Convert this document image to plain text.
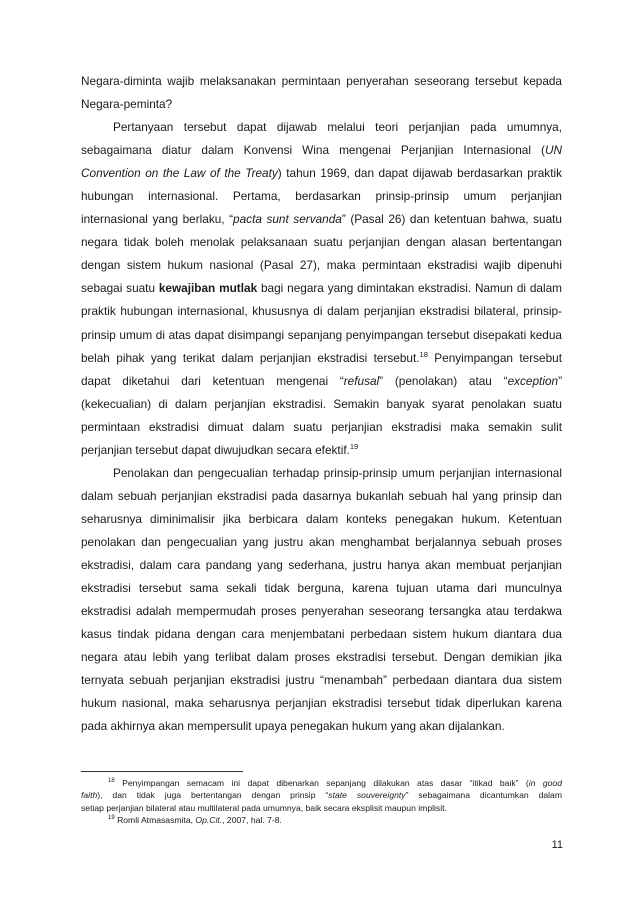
Negara-diminta wajib melaksanakan permintaan penyerahan seseorang tersebut kepada
Negara-peminta?
Pertanyaan tersebut dapat dijawab melalui teori perjanjian pada umumnya,
sebagaimana diatur dalam Konvensi Wina mengenai Perjanjian Internasional (UN
Convention on the Law of the Treaty) tahun 1969, dan dapat dijawab berdasarkan praktik
hubungan internasional. Pertama, berdasarkan prinsip-prinsip umum perjanjian
internasional yang berlaku, “pacta sunt servanda” (Pasal 26) dan ketentuan bahwa, suatu
negara tidak boleh menolak pelaksanaan suatu perjanjian dengan alasan bertentangan
dengan sistem hukum nasional (Pasal 27), maka permintaan ekstradisi wajib dipenuhi
sebagai suatu kewajiban mutlak bagi negara yang dimintakan ekstradisi. Namun di dalam
praktik hubungan internasional, khususnya di dalam perjanjian ekstradisi bilateral, prinsip-
prinsip umum di atas dapat disimpangi sepanjang penyimpangan tersebut disepakati kedua
belah pihak yang terikat dalam perjanjian ekstradisi tersebut.$^{18}$ Penyimpangan tersebut
dapat diketahui dari ketentuan mengenai “refusal” (penolakan) atau “exception”
(kekecualian) di dalam perjanjian ekstradisi. Semakin banyak syarat penolakan suatu
permintaan ekstradisi dimuat dalam suatu perjanjian ekstradisi maka semakin sulit
perjanjian tersebut dapat diwujudkan secara efektif.$^{19}$
Penolakan dan pengecualian terhadap prinsip-prinsip umum perjanjian internasional
dalam sebuah perjanjian ekstradisi pada dasarnya bukanlah sebuah hal yang prinsip dan
seharusnya diminimalisir jika berbicara dalam konteks penegakan hukum. Ketentuan
penolakan dan pengecualian yang justru akan menghambat berjalannya sebuah proses
ekstradisi, dalam cara pandang yang sederhana, justru hanya akan membuat perjanjian
ekstradisi tersebut sama sekali tidak berguna, karena tujuan utama dari munculnya
ekstradisi adalah mempermudah proses penyerahan seseorang tersangka atau terdakwa
kasus tindak pidana dengan cara menjembatani perbedaan sistem hukum diantara dua
negara atau lebih yang terlibat dalam proses ekstradisi tersebut. Dengan demikian jika
ternyata sebuah perjanjian ekstradisi justru “menambah” perbedaan diantara dua sistem
hukum nasional, maka seharusnya perjanjian ekstradisi tersebut tidak diperlukan karena
pada akhirnya akan mempersulit upaya penegakan hukum yang akan dijalankan.
$^{18}$ Penyimpangan semacam ini dapat dibenarkan sepanjang dilakukan atas dasar “itikad baik” (in good
faith), dan tidak juga bertentangan dengan prinsip “state souvereignty” sebagaimana dicantumkan dalam
setiap perjanjian bilateral atau multilateral pada umumnya, baik secara eksplisit maupun implisit.
$^{19}$ Romli Atmasasmita, Op.Cit., 2007, hal. 7-8.
11
